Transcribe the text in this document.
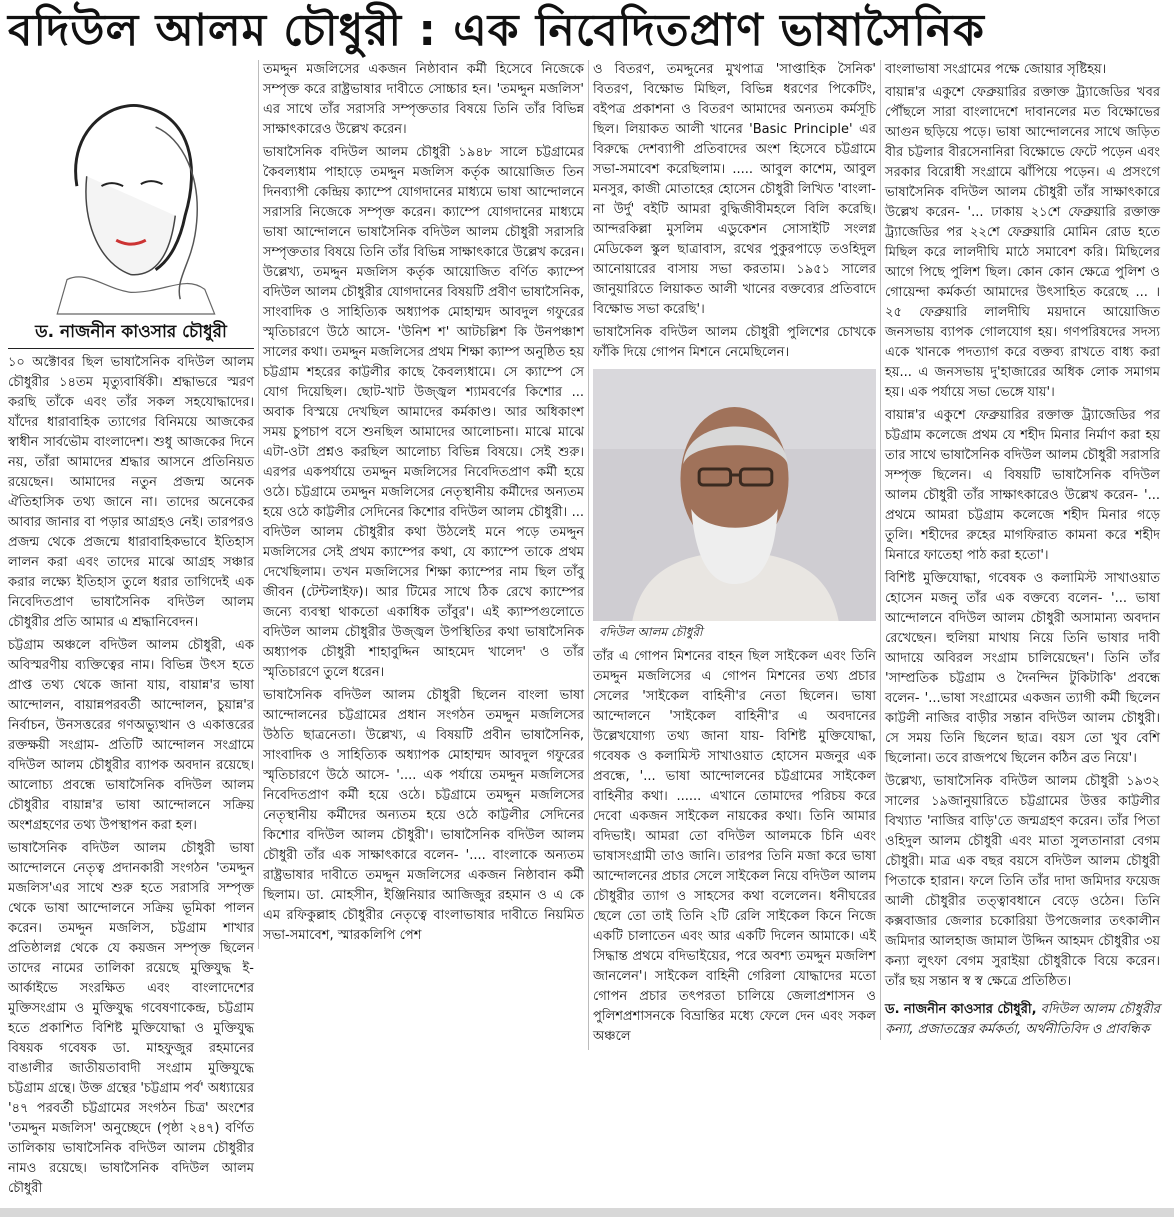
বদিউল আলম চৌধুরী : এক নিবেদিতপ্রাণ ভাষাসৈনিক
ড. নাজনীন কাওসার চৌধুরী

১০ অক্টোবর ছিল ভাষাসৈনিক বদিউল আলম চৌধুরীর ১৪তম মৃত্যুবার্ষিকী। শ্রদ্ধাভরে স্মরণ করছি তাঁকে এবং তাঁর সকল সহযোদ্ধাদের। যাঁদের ধারাবাহিক ত্যাগের বিনিময়ে আজকের স্বাধীন সার্বভৌম বাংলাদেশ। শুধু আজকের দিনে নয়, তাঁরা আমাদের শ্রদ্ধার আসনে প্রতিনিয়ত রয়েছেন। আমাদের নতুন প্রজন্ম অনেক ঐতিহাসিক তথ্য জানে না। তাদের অনেকের আবার জানার বা পড়ার আগ্রহও নেই। তারপরও প্রজন্ম থেকে প্রজন্মে ধারাবাহিকভাবে ইতিহাস লালন করা এবং তাদের মাঝে আগ্রহ সঞ্চার করার লক্ষ্যে ইতিহাস তুলে ধরার তাগিদেই এক নিবেদিতপ্রাণ ভাষাসৈনিক বদিউল আলম চৌধুরীর প্রতি আমার এ শ্রদ্ধানিবেদন।

চট্টগ্রাম অঞ্চলে বদিউল আলম চৌধুরী, এক অবিস্মরণীয় ব্যক্তিত্বের নাম। বিভিন্ন উৎস হতে প্রাপ্ত তথ্য থেকে জানা যায়, বায়ান্ন'র ভাষা আন্দোলন, বায়ান্নপরবর্তী আন্দোলন, চুয়ান্ন'র নির্বাচন, উনসত্তরের গণঅভ্যুত্থান ও একাত্তরের রক্তক্ষয়ী সংগ্রাম- প্রতিটি আন্দোলন সংগ্রামে বদিউল আলম চৌধুরীর ব্যাপক অবদান রয়েছে। আলোচ্য প্রবন্ধে ভাষাসৈনিক বদিউল আলম চৌধুরীর বায়ান্ন'র ভাষা আন্দোলনে সক্রিয় অংশগ্রহণের তথ্য উপস্থাপন করা হল।

ভাষাসৈনিক বদিউল আলম চৌধুরী ভাষা আন্দোলনে নেতৃত্ব প্রদানকারী সংগঠন 'তমদ্দুন মজলিস'এর সাথে শুরু হতে সরাসরি সম্পৃক্ত থেকে ভাষা আন্দোলনে সক্রিয় ভূমিকা পালন করেন। তমদ্দুন মজলিস, চট্টগ্রাম শাখার প্রতিষ্ঠালগ্ন থেকে যে কয়জন সম্পৃক্ত ছিলেন তাদের নামের তালিকা রয়েছে মুক্তিযুদ্ধ ই-আর্কাইভে সংরক্ষিত এবং বাংলাদেশের মুক্তিসংগ্রাম ও মুক্তিযুদ্ধ গবেষণাকেন্দ্র, চট্টগ্রাম হতে প্রকাশিত বিশিষ্ট মুক্তিযোদ্ধা ও মুক্তিযুদ্ধ বিষয়ক গবেষক ডা. মাহফুজুর রহমানের বাঙালীর জাতীয়তাবাদী সংগ্রাম মুক্তিযুদ্ধে চট্টগ্রাম গ্রন্থে। উক্ত গ্রন্থের 'চট্টগ্রাম পর্ব' অধ্যায়ের '৪৭ পরবর্তী চট্টগ্রামের সংগঠন চিত্র' অংশের 'তমদ্দুন মজলিস' অনুচ্ছেদে (পৃষ্ঠা ২৪৭) বর্ণিত তালিকায় ভাষাসৈনিক বদিউল আলম চৌধুরীর নামও রয়েছে। ভাষাসৈনিক বদিউল আলম চৌধুরী

তমদ্দুন মজলিসের একজন নিষ্ঠাবান কর্মী হিসেবে নিজেকে সম্পৃক্ত করে রাষ্ট্রভাষার দাবীতে সোচ্চার হন। 'তমদ্দুন মজলিস' এর সাথে তাঁর সরাসরি সম্পৃক্ততার বিষয়ে তিনি তাঁর বিভিন্ন সাক্ষাৎকারেও উল্লেখ করেন।

ভাষাসৈনিক বদিউল আলম চৌধুরী ১৯৪৮ সালে চট্টগ্রামের কৈবল্যধাম পাহাড়ে তমদ্দুন মজলিস কর্তৃক আয়োজিত তিন দিনব্যাপী কেন্দ্রিয় ক্যাম্পে যোগদানের মাধ্যমে ভাষা আন্দোলনে সরাসরি নিজেকে সম্পৃক্ত করেন। ক্যাম্পে যোগদানের মাধ্যমে ভাষা আন্দোলনে ভাষাসৈনিক বদিউল আলম চৌধুরী সরাসরি সম্পৃক্ততার বিষয়ে তিনি তাঁর বিভিন্ন সাক্ষাৎকারে উল্লেখ করেন। উল্লেখ্য, তমদ্দুন মজলিস কর্তৃক আয়োজিত বর্ণিত ক্যাম্পে বদিউল আলম চৌধুরীর যোগদানের বিষয়টি প্রবীণ ভাষাসৈনিক, সাংবাদিক ও সাহিত্যিক অধ্যাপক মোহাম্মদ আবদুল গফুরের স্মৃতিচারণে উঠে আসে- 'উনিশ শ' আটচল্লিশ কি উনপঞ্চাশ সালের কথা। তমদ্দুন মজলিসের প্রথম শিক্ষা ক্যাম্প অনুষ্ঠিত হয় চট্টগ্রাম শহরের কাট্টলীর কাছে কৈবল্যধামে। সে ক্যাম্পে সে যোগ দিয়েছিল। ছোট-খাট উজ্জ্বল শ্যামবর্ণের কিশোর ... অবাক বিস্ময়ে দেখছিল আমাদের কর্মকাণ্ড। আর অধিকাংশ সময় চুপচাপ বসে শুনছিল আমাদের আলোচনা। মাঝে মাঝে এটা-ওটা প্রশ্নও করছিল আলোচ্য বিভিন্ন বিষয়ে। সেই শুরু। এরপর একপর্যায়ে তমদ্দুন মজলিসের নিবেদিতপ্রাণ কর্মী হয়ে ওঠে। চট্টগ্রামে তমদ্দুন মজলিসের নেতৃস্থানীয় কর্মীদের অন্যতম হয়ে ওঠে কাট্টলীর সেদিনের কিশোর বদিউল আলম চৌধুরী। ... বদিউল আলম চৌধুরীর কথা উঠলেই মনে পড়ে তমদ্দুন মজলিসের সেই প্রথম ক্যাম্পের কথা, যে ক্যাম্পে তাকে প্রথম দেখেছিলাম। তখন মজলিসের শিক্ষা ক্যাম্পের নাম ছিল তাঁবু জীবন (টেন্টলাইফ)। আর টিমের সাথে ঠিক রেখে ক্যাম্পের জন্যে ব্যবস্থা থাকতো একাধিক তাঁবুর'। এই ক্যাম্পগুলোতে বদিউল আলম চৌধুরীর উজ্জ্বল উপস্থিতির কথা ভাষাসৈনিক অধ্যাপক চৌধুরী শাহাবুদ্দিন আহমেদ খালেদ' ও তাঁর স্মৃতিচারণে তুলে ধরেন।

ভাষাসৈনিক বদিউল আলম চৌধুরী ছিলেন বাংলা ভাষা আন্দোলনের চট্টগ্রামের প্রধান সংগঠন তমদ্দুন মজলিসের উঠতি ছাত্রনেতা। উল্লেখ্য, এ বিষয়টি প্রবীন ভাষাসৈনিক, সাংবাদিক ও সাহিত্যিক অধ্যাপক মোহাম্মদ আবদুল গফুরের স্মৃতিচারণে উঠে আসে- '.... এক পর্যায়ে তমদ্দুন মজলিসের নিবেদিতপ্রাণ কর্মী হয়ে ওঠে। চট্টগ্রামে তমদ্দুন মজলিসের নেতৃস্থানীয় কর্মীদের অন্যতম হয়ে ওঠে কাট্টলীর সেদিনের কিশোর বদিউল আলম চৌধুরী'। ভাষাসৈনিক বদিউল আলম চৌধুরী তাঁর এক সাক্ষাৎকারে বলেন- '.... বাংলাকে অন্যতম রাষ্ট্রভাষার দাবীতে তমদ্দুন মজলিসের একজন নিষ্ঠাবান কর্মী ছিলাম। ডা. মোহসীন, ইঞ্জিনিয়ার আজিজুর রহমান ও এ কে এম রফিকুল্লাহ চৌধুরীর নেতৃত্বে বাংলাভাষার দাবীতে নিয়মিত সভা-সমাবেশ, স্মারকলিপি পেশ

ও বিতরণ, তমদ্দুনের মুখপাত্র 'সাপ্তাহিক সৈনিক' বিতরণ, বিক্ষোভ মিছিল, বিভিন্ন ধরণের পিকেটিং, বইপত্র প্রকাশনা ও বিতরণ আমাদের অন্যতম কর্মসূচি ছিল। লিয়াকত আলী খানের 'Basic Principle' এর বিরুদ্ধে দেশব্যাপী প্রতিবাদের অংশ হিসেবে চট্টগ্রামে সভা-সমাবেশ করেছিলাম। ..... আবুল কাশেম, আবুল মনসুর, কাজী মোতাহের হোসেন চৌধুরী লিখিত 'বাংলা-না উর্দু' বইটি আমরা বুদ্ধিজীবীমহলে বিলি করেছি। আন্দরকিল্লা মুসলিম এডুকেশন সোসাইটি সংলগ্ন মেডিকেল স্কুল ছাত্রাবাস, রথের পুকুরপাড়ে তওহিদুল আনোয়ারের বাসায় সভা করতাম। ১৯৫১ সালের জানুয়ারিতে লিয়াকত আলী খানের বক্তব্যের প্রতিবাদে বিক্ষোভ সভা করেছি'।

ভাষাসৈনিক বদিউল আলম চৌধুরী পুলিশের চোখকে ফাঁকি দিয়ে গোপন মিশনে নেমেছিলেন।

বদিউল আলম চৌধুরী

তাঁর এ গোপন মিশনের বাহন ছিল সাইকেল এবং তিনি তমদ্দুন মজলিসের এ গোপন মিশনের তথ্য প্রচার সেলের 'সাইকেল বাহিনী'র নেতা ছিলেন। ভাষা আন্দোলনে 'সাইকেল বাহিনী'র এ অবদানের উল্লেখযোগ্য তথ্য জানা যায়- বিশিষ্ট মুক্তিযোদ্ধা, গবেষক ও কলামিস্ট সাখাওয়াত হোসেন মজনুর এক প্রবন্ধে, '... ভাষা আন্দোলনের চট্টগ্রামের সাইকেল বাহিনীর কথা। ...... এখানে তোমাদের পরিচয় করে দেবো একজন সাইকেল নায়কের কথা। তিনি আমার বদিভাই। আমরা তো বদিউল আলমকে চিনি এবং ভাষাসংগ্রামী তাও জানি। তারপর তিনি মজা করে ভাষা আন্দোলনের প্রচার সেলে সাইকেল নিয়ে বদিউল আলম চৌধুরীর ত্যাগ ও সাহসের কথা বলেলেন। ধনীঘরের ছেলে তো তাই তিনি ২টি রেলি সাইকেল কিনে নিজে একটি চালাতেন এবং আর একটি দিলেন আমাকে। এই সিদ্ধান্ত প্রথমে বদিভাইয়ের, পরে অবশ্য তমদ্দুন মজলিশ জানলেন'। সাইকেল বাহিনী গেরিলা যোদ্ধাদের মতো গোপন প্রচার তৎপরতা চালিয়ে জেলাপ্রশাসন ও পুলিশপ্রশাসনকে বিভ্রান্তির মধ্যে ফেলে দেন এবং সকল অঞ্চলে

বাংলাভাষা সংগ্রামের পক্ষে জোয়ার সৃষ্টিহয়।

বায়ান্ন'র একুশে ফেব্রুয়ারির রক্তাক্ত ট্র্যাজেডির খবর পৌঁছলে সারা বাংলাদেশে দাবানলের মত বিক্ষোভের আগুন ছড়িয়ে পড়ে। ভাষা আন্দোলনের সাথে জড়িত বীর চট্টলার বীরসেনানিরা বিক্ষোভে ফেটে পড়েন এবং সরকার বিরোধী সংগ্রামে ঝাঁপিয়ে পড়েন। এ প্রসংগে ভাষাসৈনিক বদিউল আলম চৌধুরী তাঁর সাক্ষাৎকারে উল্লেখ করেন- '... ঢাকায় ২১শে ফেব্রুয়ারি রক্তাক্ত ট্র্যাজেডির পর ২২শে ফেব্রুয়ারি মোমিন রোড হতে মিছিল করে লালদীঘি মাঠে সমাবেশ করি। মিছিলের আগে পিছে পুলিশ ছিল। কোন কোন ক্ষেত্রে পুলিশ ও গোয়েন্দা কর্মকর্তা আমাদের উৎসাহিত করেছে ... । ২৫ ফেব্রুয়ারি লালদীঘি ময়দানে আয়োজিত জনসভায় ব্যাপক গোলযোগ হয়। গণপরিষদের সদস্য একে খানকে পদত্যাগ করে বক্তব্য রাখতে বাধ্য করা হয়... এ জনসভায় দু'হাজারের অধিক লোক সমাগম হয়। এক পর্যায়ে সভা ভেঙ্গে যায়'।

বায়ান্ন'র একুশে ফেব্রুয়ারির রক্তাক্ত ট্র্যাজেডির পর চট্টগ্রাম কলেজে প্রথম যে শহীদ মিনার নির্মাণ করা হয় তার সাথে ভাষাসৈনিক বদিউল আলম চৌধুরী সরাসরি সম্পৃক্ত ছিলেন। এ বিষয়টি ভাষাসৈনিক বদিউল আলম চৌধুরী তাঁর সাক্ষাৎকারেও উল্লেখ করেন- '... প্রথমে আমরা চট্টগ্রাম কলেজে শহীদ মিনার গড়ে তুলি। শহীদের রুহের মাগফিরাত কামনা করে শহীদ মিনারে ফাতেহা পাঠ করা হতো'।

বিশিষ্ট মুক্তিযোদ্ধা, গবেষক ও কলামিস্ট সাখাওয়াত হোসেন মজনু তাঁর এক বক্তব্যে বলেন- '... ভাষা আন্দোলনে বদিউল আলম চৌধুরী অসামান্য অবদান রেখেছেন। হুলিয়া মাথায় নিয়ে তিনি ভাষার দাবী আদায়ে অবিরল সংগ্রাম চালিয়েছেন'। তিনি তাঁর 'সাম্প্রতিক চট্টগ্রাম ও দৈনন্দিন টুকিটাকি' প্রবন্ধে বলেন- '...ভাষা সংগ্রামের একজন ত্যাগী কর্মী ছিলেন কাট্টলী নাজির বাড়ীর সন্তান বদিউল আলম চৌধুরী। সে সময় তিনি ছিলেন ছাত্র। বয়স তো খুব বেশি ছিলোনা। তবে রাজপথে ছিলেন কঠিন ব্রত নিয়ে'।

উল্লেখ্য, ভাষাসৈনিক বদিউল আলম চৌধুরী ১৯৩২ সালের ১৯জানুয়ারিতে চট্টগ্রামের উত্তর কাট্টলীর বিখ্যাত 'নাজির বাড়ি'তে জন্মগ্রহণ করেন। তাঁর পিতা ওহিদুল আলম চৌধুরী এবং মাতা সুলতানারা বেগম চৌধুরী। মাত্র এক বছর বয়সে বদিউল আলম চৌধুরী পিতাকে হারান। ফলে তিনি তাঁর দাদা জমিদার ফয়েজ আলী চৌধুরীর তত্ত্বাবধানে বেড়ে ওঠেন। তিনি কক্সবাজার জেলার চকোরিয়া উপজেলার তৎকালীন জমিদার আলহাজ জামাল উদ্দিন আহমদ চৌধুরীর ৩য় কন্যা লুৎফা বেগম সুরাইয়া চৌধুরীকে বিয়ে করেন। তাঁর ছয় সন্তান স্ব স্ব ক্ষেত্রে প্রতিষ্ঠিত।

ড. নাজনীন কাওসার চৌধুরী, বদিউল আলম চৌধুরীর কন্যা, প্রজাতন্ত্রের কর্মকর্তা, অর্থনীতিবিদ ও প্রাবন্ধিক
